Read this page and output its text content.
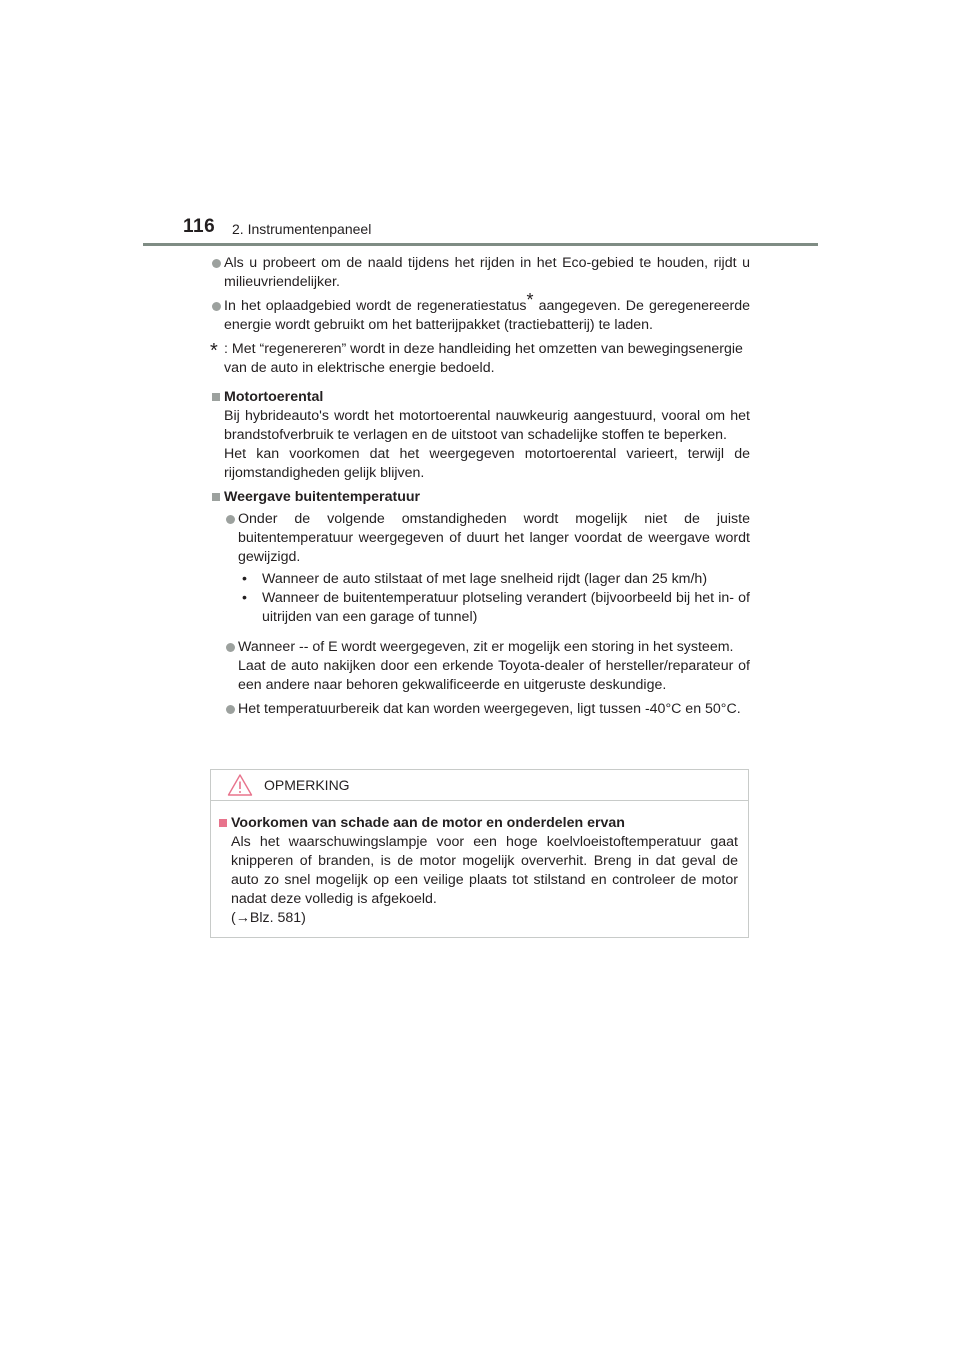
116 2. Instrumentenpaneel
Als u probeert om de naald tijdens het rijden in het Eco-gebied te houden, rijdt u milieuvriendelijker.
In het oplaadgebied wordt de regeneratiestatus* aangegeven. De geregenereerde energie wordt gebruikt om het batterijpakket (tractiebatterij) te laden.
* : Met “regenereren” wordt in deze handleiding het omzetten van bewegingsenergie van de auto in elektrische energie bedoeld.
Motortoerental
Bij hybrideauto's wordt het motortoerental nauwkeurig aangestuurd, vooral om het brandstofverbruik te verlagen en de uitstoot van schadelijke stoffen te beperken.
Het kan voorkomen dat het weergegeven motortoerental varieert, terwijl de rijomstandigheden gelijk blijven.
Weergave buitentemperatuur
Onder de volgende omstandigheden wordt mogelijk niet de juiste buitentemperatuur weergegeven of duurt het langer voordat de weergave wordt gewijzigd.
•	Wanneer de auto stilstaat of met lage snelheid rijdt (lager dan 25 km/h)
•	Wanneer de buitentemperatuur plotseling verandert (bijvoorbeeld bij het in- of uitrijden van een garage of tunnel)
Wanneer -- of E wordt weergegeven, zit er mogelijk een storing in het systeem.
Laat de auto nakijken door een erkende Toyota-dealer of hersteller/reparateur of een andere naar behoren gekwalificeerde en uitgeruste deskundige.
Het temperatuurbereik dat kan worden weergegeven, ligt tussen -40°C en 50°C.
OPMERKING
Voorkomen van schade aan de motor en onderdelen ervan
Als het waarschuwingslampje voor een hoge koelvloeistoftemperatuur gaat knipperen of branden, is de motor mogelijk oververhit. Breng in dat geval de auto zo snel mogelijk op een veilige plaats tot stilstand en controleer de motor nadat deze volledig is afgekoeld.
(→Blz. 581)
